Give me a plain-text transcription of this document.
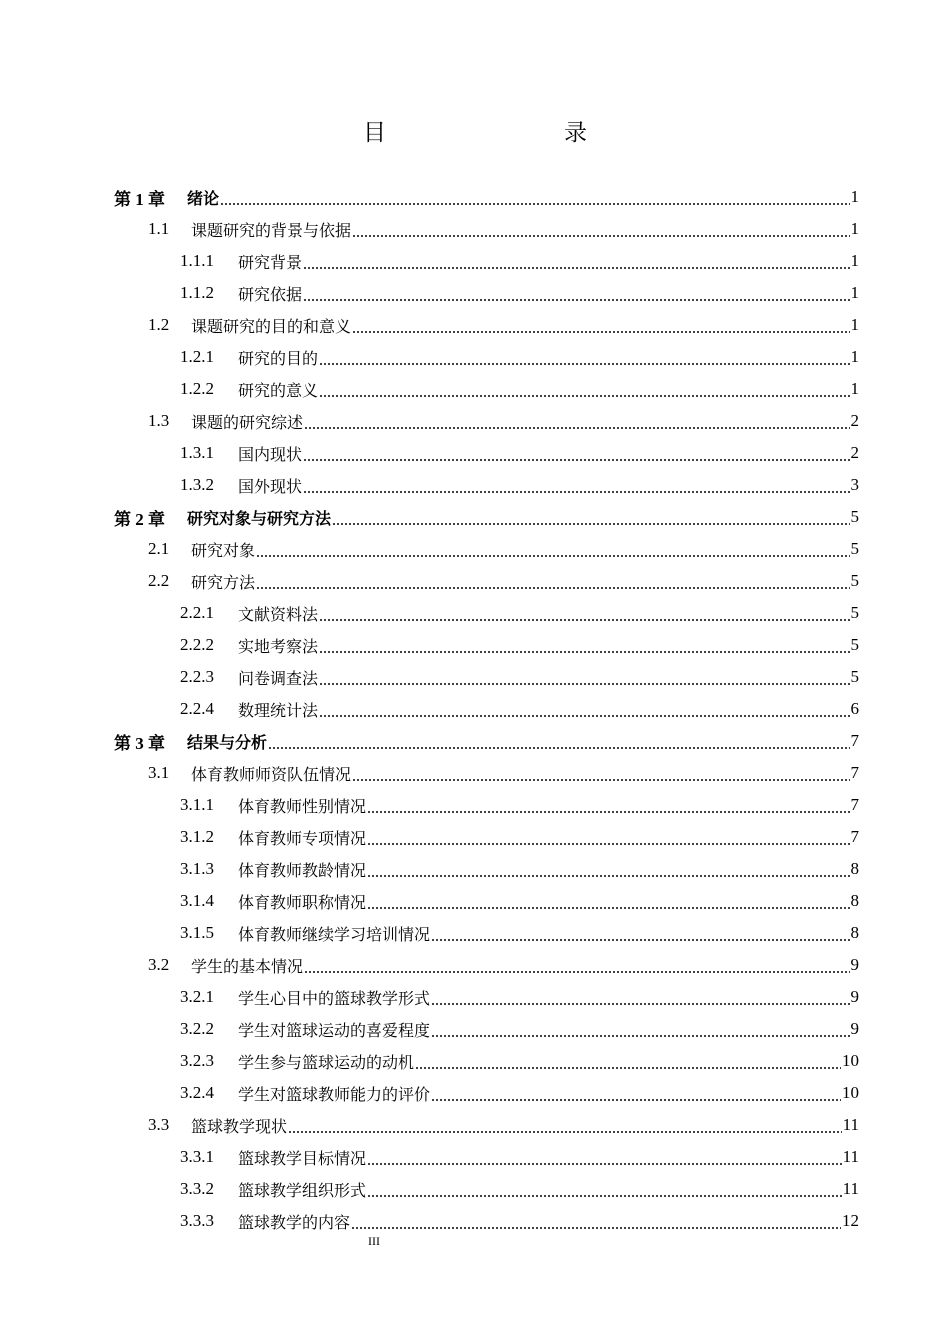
目　　录
第 1 章	绪论	1
1.1	课题研究的背景与依据	1
1.1.1	研究背景	1
1.1.2	研究依据	1
1.2	课题研究的目的和意义	1
1.2.1	研究的目的	1
1.2.2	研究的意义	1
1.3	课题的研究综述	2
1.3.1	国内现状	2
1.3.2	国外现状	3
第 2 章	研究对象与研究方法	5
2.1	研究对象	5
2.2	研究方法	5
2.2.1	文献资料法	5
2.2.2	实地考察法	5
2.2.3	问卷调查法	5
2.2.4	数理统计法	6
第 3 章	结果与分析	7
3.1	体育教师师资队伍情况	7
3.1.1	体育教师性别情况	7
3.1.2	体育教师专项情况	7
3.1.3	体育教师教龄情况	8
3.1.4	体育教师职称情况	8
3.1.5	体育教师继续学习培训情况	8
3.2	学生的基本情况	9
3.2.1	学生心目中的篮球教学形式	9
3.2.2	学生对篮球运动的喜爱程度	9
3.2.3	学生参与篮球运动的动机	10
3.2.4	学生对篮球教师能力的评价	10
3.3	篮球教学现状	11
3.3.1	篮球教学目标情况	11
3.3.2	篮球教学组织形式	11
3.3.3	篮球教学的内容	12
III
